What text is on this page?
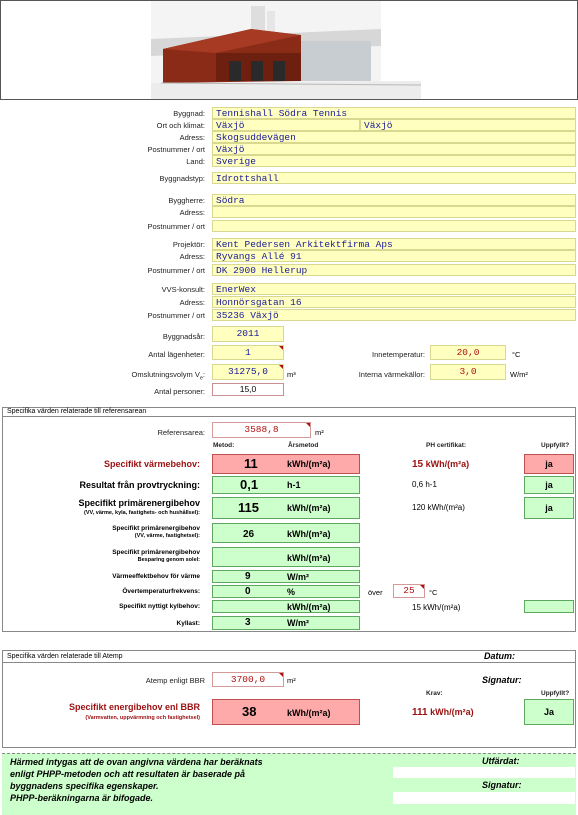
Byggnad:	Tennishall Södra Tennis
Ort och klimat:	Växjö	Växjö
Adress:	Skogsuddevägen
Postnummer / ort	Växjö
Land:	Sverige
Byggnadstyp:	Idrottshall
Byggherre:	Södra
Adress:
Postnummer / ort
Projektör:	Kent Pedersen Arkitektfirma Aps
Adress:	Ryvangs Allé 91
Postnummer / ort	DK 2900 Hellerup
VVS-konsult:	EnerWex
Adress:	Honnörsgatan 16
Postnummer / ort	35236 Växjö
Byggnadsår:	2011
Antal lägenheter:	1
Omslutningsvolym $V_e$:	31275,0	m³
Antal personer:	15,0
Innetemperatur:	20,0	°C
Interna värmekällor:	3,0	W/m²
Specifika värden relaterade till referensarean
Referensarea:	3588,8	m²
Metod:	Årsmetod	PH certifikat:	Uppfyllt?
Specifikt värmebehov:	11	kWh/(m²a)	15 kWh/(m²a)	ja
Resultat från provtryckning:	0,1	h-1	0,6 h-1	ja
Specifikt primärenergibehov
(VV, värme, kyla, fastighets- och hushållsel):	115	kWh/(m²a)	120 kWh/(m²a)	ja
Specifikt primärenergibehov
(VV, värme, fastighetsel):	26	kWh/(m²a)
Specifikt primärenergibehov
Besparing genom solel:	kWh/(m²a)
Värmeeffektbehov för värme	9	W/m²
Övertemperaturfrekvens:	0	%	över	25	°C
Specifikt nyttigt kylbehov:	kWh/(m²a)	15 kWh/(m²a)
Kyllast:	3	W/m²
Specifika värden relaterade till Atemp	Datum:
Atemp enligt BBR	3700,0	m²	Signatur:
Krav:	Uppfyllt?
Specifikt energibehov enl BBR
(Varmvatten, uppvärmning och fastighetsel)	38	kWh/(m²a)	111 kWh/(m²a)	Ja
Härmed intygas att de ovan angivna värdena har beräknats
enligt PHPP-metoden och att resultaten är baserade på
byggnadens specifika egenskaper.
PHPP-beräkningarna är bifogade.
Utfärdat:
Signatur:
